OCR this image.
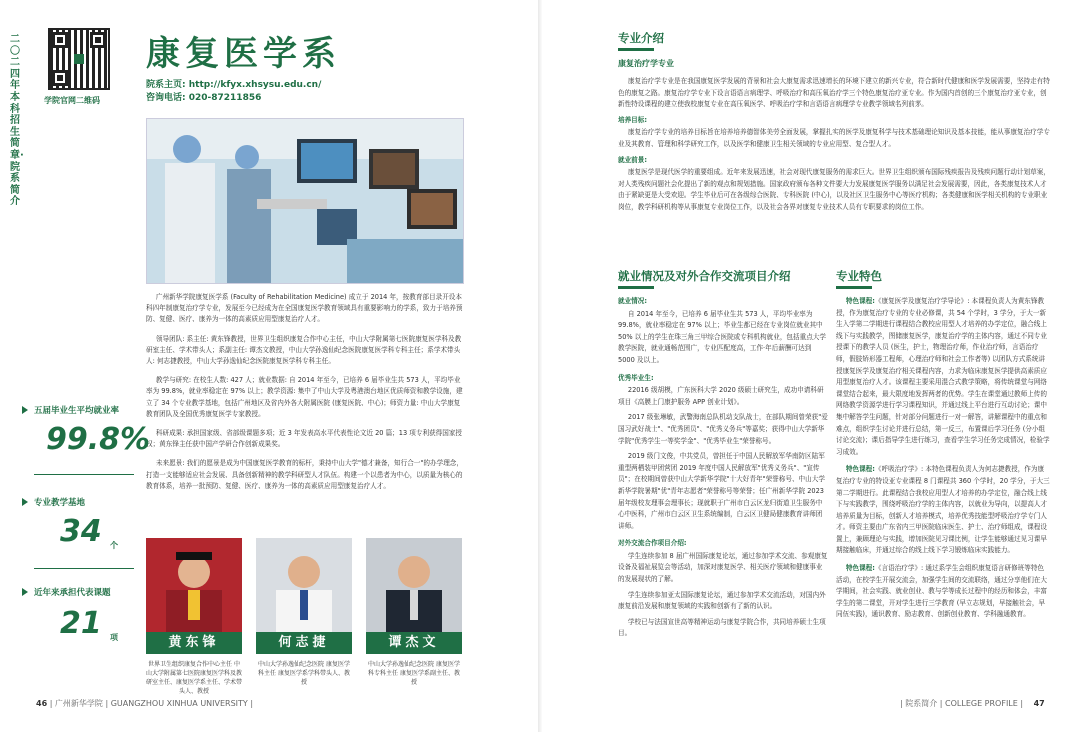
二〇二四年本科招生简章·院系简介
学院官网二维码
康复医学系
院系主页: http://kfyx.xhsysu.edu.cn/
咨询电话: 020-87211856

广州新华学院康复医学系 (Faculty of Rehabilitation Medicine) 成立于 2014 年，按教育部目录开设本科四年制康复治疗学专业，发展至今已经成为在全国康复医学教育领域具有重要影响力的学系，致力于培养预防、复健、医疗、康养为一体的高素质应用型康复治疗人才。

领导团队: 系主任: 黄东锋教授，世界卫生组织康复合作中心主任，中山大学附属第七医院康复医学科及教研室主任、学术带头人；系副主任: 谭杰文教授，中山大学孙逸仙纪念医院康复医学科专科主任；系学术带头人: 何志捷教授，中山大学孙逸仙纪念医院康复医学科专科主任。

教学与研究: 在校生人数: 427 人；就业数据: 自 2014 年至今，已培养 6 届毕业生共 573 人，平均毕业率为 99.8%，就业率稳定在 97% 以上；教学资源: 集中了中山大学及粤港澳台地区优质师资和教学设施，建立了 34 个专业教学基地，包括广州地区及省内外各大附属医院 (康复医院、中心)；师资力量: 中山大学康复教育团队及全国优秀康复医学专家教授。

科研成果: 承担国家级、省部级课题多项；近 3 年发表高水平代表性论文近 20 篇；13 项专利获得国家授权；黄东锋主任获中国产学研合作创新成果奖。

未来愿景: 我们的愿景是成为中国康复医学教育的标杆，秉持中山大学"德才兼备，知行合一"的办学理念，打造一支能够适应社会发展、具备创新精神的教学科研型人才队伍。构建一个以患者为中心，以质量为核心的教育体系，培养一批预防、复健、医疗、康养为一体的高素质应用型康复治疗人才。

五届毕业生平均就业率
99.8%
专业教学基地
34 个
近年来承担代表课题
21 项	黄东锋
世界卫生组织康复合作中心主任 中山大学附属第七医院康复医学科及教研室主任、康复医学系主任、学术带头人、教授
何志捷
中山大学孙逸仙纪念医院 康复医学科主任 康复医学系学科带头人、教授
谭杰文
中山大学孙逸仙纪念医院 康复医学科专科主任 康复医学系副主任、教授
46 | 广州新华学院 | GUANGZHOU XINHUA UNIVERSITY |
专业介绍
康复治疗学专业

康复治疗学专业是在我国康复医学发展的背景和社会大康复需求迅速增长的环境下建立的新兴专业，符合新时代健康和医学发展需要，坚持走有特色的康复之路。康复治疗学专业下设言语语言病理学、呼吸治疗和高压氧治疗学三个特色康复治疗亚专业。作为国内首创的三个康复治疗亚专业，创新性特设课程的建立使我校康复专业在高压氧医学、呼吸治疗学和言语语言病理学专业教学领域名列前茅。

培养目标:

康复治疗学专业的培养目标旨在培养培养德智体美劳全面发展，掌握扎实的医学及康复科学与技术基础理论知识及基本技能，能从事康复治疗学专业及其教育、管理和科学研究工作，以及医学和健康卫生相关领域的专业应用型、复合型人才。

就业前景:

康复医学是现代医学的重要组成。近年来发展迅速，社会对现代康复服务的需求巨大。世界卫生组织颁布国际残疾报告及残疾问题行动计划草案，对人类残疾问题社会化提出了新的观点和规划措施。国家政府颁布各种文件要大力发展康复医学服务以满足社会发展需要，因此，各类康复技术人才由于紧缺更是大受欢迎。学生毕业后可在各级综合医院、专科医院 (中心)，以及社区卫生服务中心等医疗机构；各类健康和医学相关机构的专业职业岗位，教学科研机构等从事康复专业岗位工作，以及社会各界对康复专业技术人员有专职要求的岗位工作。

就业情况及对外合作交流项目介绍

就业情况:

自 2014 年至今，已培养 6 届毕业生共 573 人，平均毕业率为 99.8%，就业率稳定在 97% 以上；毕业生都已经在专业岗位就业其中 50% 以上的学生在珠三角三甲综合医院或专科机构就业，包括重点大学教学医院，就业通畅范围广，专业匹配度高，工作·年后薪酬可达到 5000 及以上。

优秀毕业生:

22016 级胡模，广东医科大学 2020 级硕士研究生，成功申请科研项目《高膜上门康护服务 APP 创业计划》。

2017 级张琳敏，武警海南总队机动支队战士，在部队期间曾荣获"爱国习武好战士"、"优秀团员"、"优秀义务兵"等嘉奖；获得中山大学新华学院"优秀学生一等奖学金"、"优秀毕业生"荣誉称号。

2019 级门文俊，中共党员，曾担任于中国人民解放军华南防区陆军重型两栖装甲团营团 2019 年度中国人民解放军"优秀义务兵"、"宣传员"；在校期间曾获中山大学新华学院"十大好青年"荣誉称号、中山大学新华学院暑期"优"青年志愿者"荣誉称号等荣誉；任广州新华学院 2023 届年级校友理事会理事长；现就职于广州市白云区龙归街道卫生服务中心中医科，广州市白云区卫生系统编制，白云区卫健局健康教育讲师团讲师。

对外交流合作项目介绍:

学生连续参加 8 届广州国际康复论坛，通过参加学术交流、参观康复设备及福祉展览会等活动，加深对康复医学、相关医疗领域和健康事业的发展现状的了解。

学生连续参加亚太国际康复论坛，通过参加学术交流活动，对国内外康复前沿发展和康复领域的实践和创新有了新的认识。

学校已与法国宣世高等精神运动与康复学院合作，共同培养硕士生项目。

专业特色

特色课程:《康复医学及康复治疗学导论》: 本课程负责人为黄东锋教授，作为康复治疗专业的专业必修课，共 54 个学时，3 学分，于大一新生入学第二学期进行课程结合教校应用型人才培养的办学定位，融合线上线下与实践教学，图储康复医学，康复治疗学的主体内容，通过不同专业授课下的教学人员 (医生，护士，物理治疗师，作业治疗师，言语治疗师，假肢矫形器工程师，心理治疗师和社会工作者等) 以团队方式系统讲授康复医学及康复治疗相关课程内容，力求为临床康复医学提供高素质应用型康复治疗人才。该课程主要采用混合式教学策略，将传统课堂与网络课堂结合起来，最大限度地发挥两者的优势。学生在课堂通过教师上传的网络教学资源学进行学习课程知识，并通过线上平台进行互动讨论；课中集中解答学生问题，针对部分问题进行一对一解答，讲解课程中的重点和难点，组织学生讨论并进行总结，第一反三，布置课后学习任务 (分小组讨论交流)；课后指导学生进行练习，查看学生学习任务完成情况，检验学习成效。

特色课程:《呼吸治疗学》: 本特色课程负责人为何志捷教授，作为康复治疗专业的特设亚专业课程 8 门课程共 360 个学时，20 学分，于大三第二学期进行。此课程结合我校应用型人才培养的办学定位，融合线上线下与实践教学，围绕呼吸治疗学的主体内容，以就业为导向，以提高人才培养质量为目标，创新人才培养模式，培养优秀技能型呼吸治疗学专门人才。师资主要由广东省内三甲医院临床医生、护士、治疗师组成，课程设置上，兼顾理论与实践，增加医院见习课比例，让学生能够通过见习课早期接触临床，并通过综合的线上线下学习锻炼临床实践能力。

特色课程:《言语治疗学》: 通过系学生会组织康复语言研修班等特色活动，在校学生开展交流会，加强学生间的交流联络，通过分享他们在大学期间，社会实践、就业创业、教与学等成长过程中的经历和体会，丰富学生的第二课堂，开对学生进行三学教育 (早立志规划，早接触社会，早同伍实践)，通识教育、励志教育、创新创业教育、学科融通教育。

| 院系简介 | COLLEGE PROFILE | 47
